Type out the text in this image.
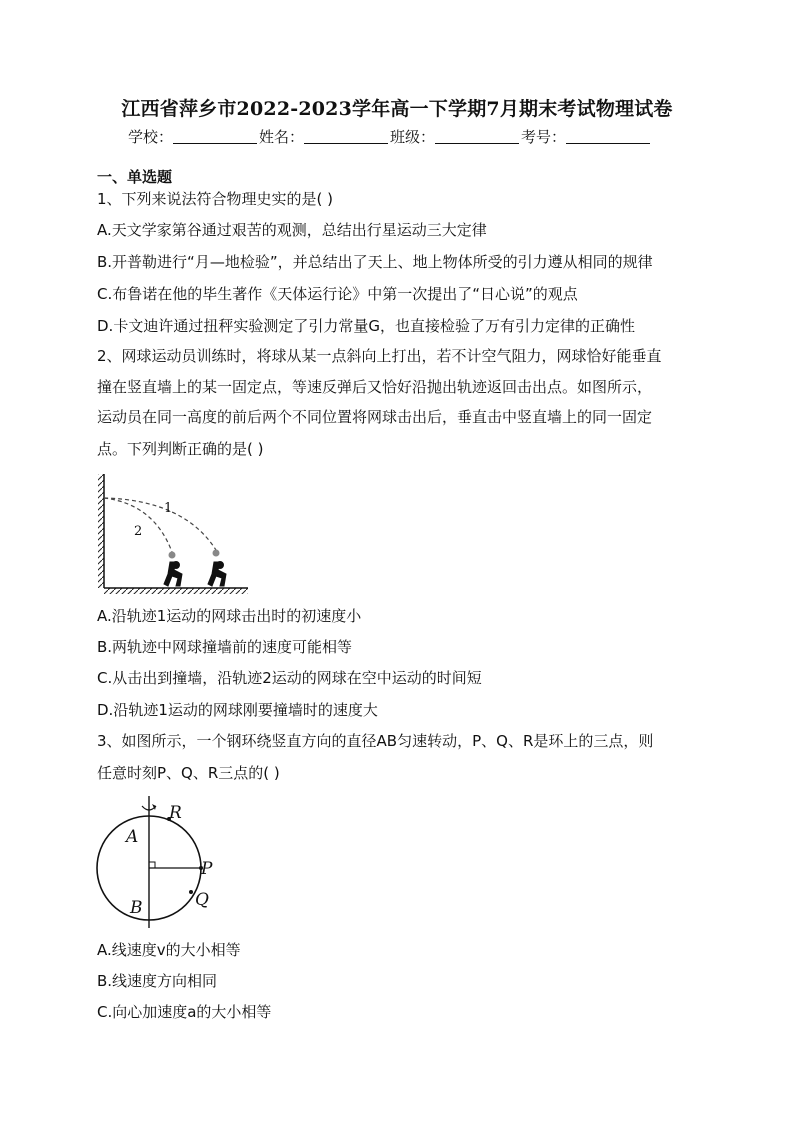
江西省萍乡市2022-2023学年高一下学期7月期末考试物理试卷
学校：	姓名：	班级：	考号：
一、单选题
1、下列来说法符合物理史实的是( )
A.天文学家第谷通过艰苦的观测，总结出行星运动三大定律
B.开普勒进行“月—地检验”，并总结出了天上、地上物体所受的引力遵从相同的规律
C.布鲁诺在他的毕生著作《天体运行论》中第一次提出了“日心说”的观点
D.卡文迪许通过扭秤实验测定了引力常量G，也直接检验了万有引力定律的正确性
2、网球运动员训练时，将球从某一点斜向上打出，若不计空气阻力，网球恰好能垂直
撞在竖直墙上的某一固定点，等速反弹后又恰好沿抛出轨迹返回击出点。如图所示，
运动员在同一高度的前后两个不同位置将网球击出后，垂直击中竖直墙上的同一固定
点。下列判断正确的是( )
1
2
A.沿轨迹1运动的网球击出时的初速度小
B.两轨迹中网球撞墙前的速度可能相等
C.从击出到撞墙，沿轨迹2运动的网球在空中运动的时间短
D.沿轨迹1运动的网球刚要撞墙时的速度大
3、如图所示，一个钢环绕竖直方向的直径AB匀速转动，P、Q、R是环上的三点，则
任意时刻P、Q、R三点的( )
A
B
P
Q
R
A.线速度v的大小相等
B.线速度方向相同
C.向心加速度a的大小相等
